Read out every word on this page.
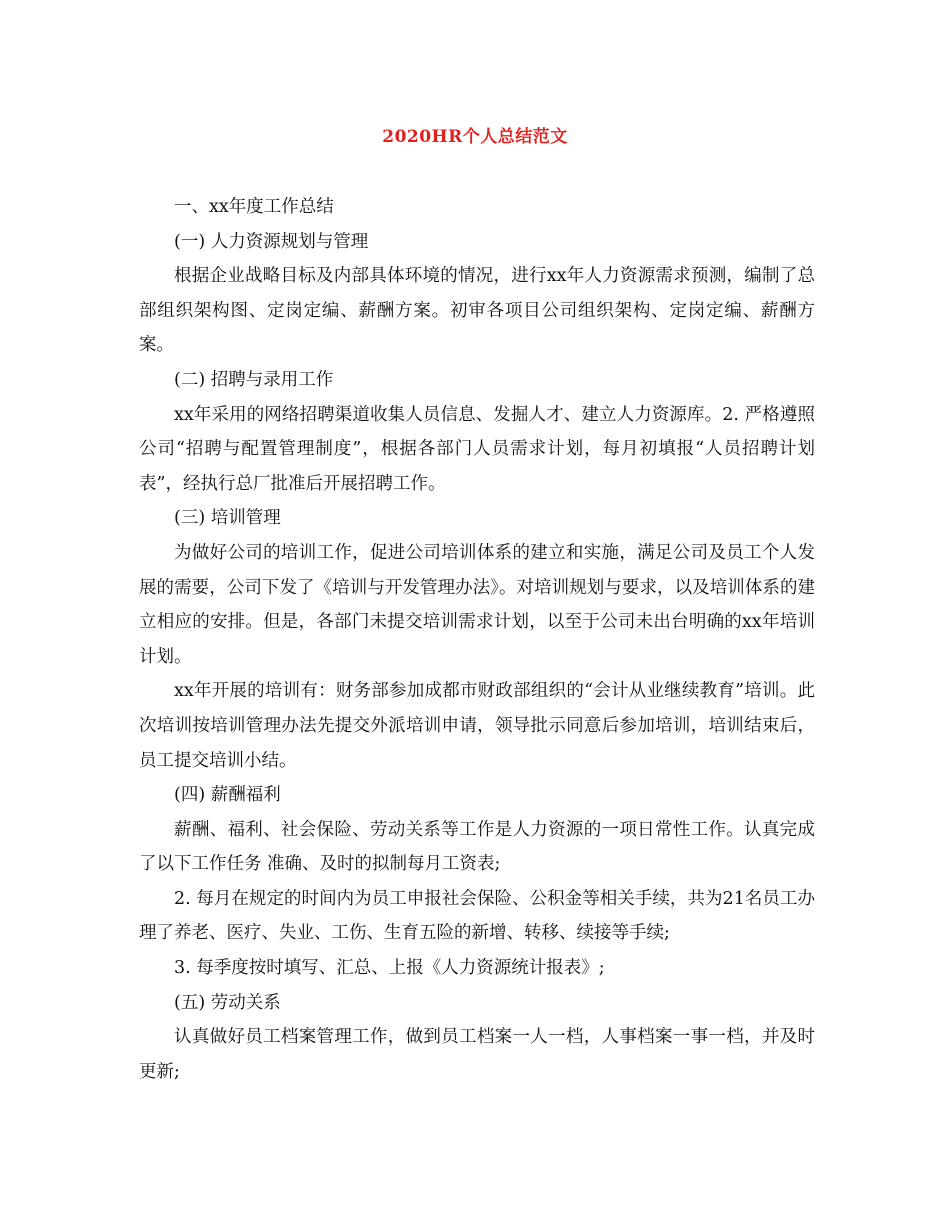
2020HR个人总结范文

一、xx年度工作总结

(一) 人力资源规划与管理

根据企业战略目标及内部具体环境的情况，进行xx年人力资源需求预测，编制了总部组织架构图、定岗定编、薪酬方案。初审各项目公司组织架构、定岗定编、薪酬方案。

(二) 招聘与录用工作

xx年采用的网络招聘渠道收集人员信息、发掘人才、建立人力资源库。2. 严格遵照公司“招聘与配置管理制度”，根据各部门人员需求计划，每月初填报“人员招聘计划表”，经执行总厂批准后开展招聘工作。

(三) 培训管理

为做好公司的培训工作，促进公司培训体系的建立和实施，满足公司及员工个人发展的需要，公司下发了《培训与开发管理办法》。对培训规划与要求，以及培训体系的建立相应的安排。但是，各部门未提交培训需求计划，以至于公司未出台明确的xx年培训计划。

xx年开展的培训有：财务部参加成都市财政部组织的“会计从业继续教育”培训。此次培训按培训管理办法先提交外派培训申请，领导批示同意后参加培训，培训结束后，员工提交培训小结。

(四) 薪酬福利

薪酬、福利、社会保险、劳动关系等工作是人力资源的一项日常性工作。认真完成了以下工作任务 准确、及时的拟制每月工资表;

2. 每月在规定的时间内为员工申报社会保险、公积金等相关手续，共为21名员工办理了养老、医疗、失业、工伤、生育五险的新增、转移、续接等手续;

3. 每季度按时填写、汇总、上报《人力资源统计报表》;

(五) 劳动关系

认真做好员工档案管理工作，做到员工档案一人一档，人事档案一事一档，并及时更新;
